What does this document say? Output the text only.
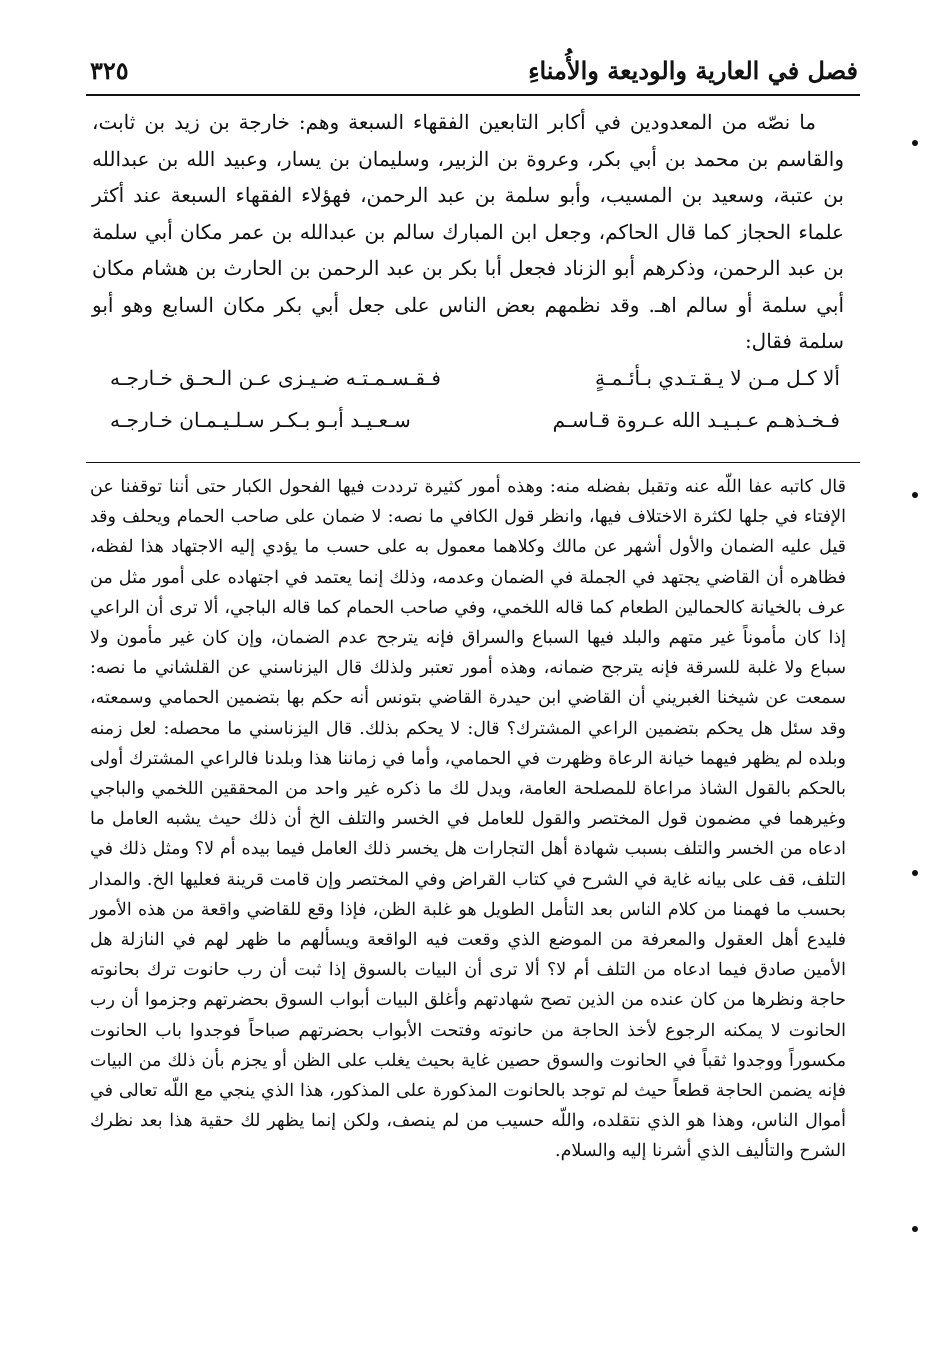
فصل في العارية والوديعة والأُمناءِ
٣٢٥

ما نصّه من المعدودين في أكابر التابعين الفقهاء السبعة وهم: خارجة بن زيد بن ثابت، والقاسم بن محمد بن أبي بكر، وعروة بن الزبير، وسليمان بن يسار، وعبيد الله بن عبدالله بن عتبة، وسعيد بن المسيب، وأبو سلمة بن عبد الرحمن، فهؤلاء الفقهاء السبعة عند أكثر علماء الحجاز كما قال الحاكم، وجعل ابن المبارك سالم بن عبدالله بن عمر مكان أبي سلمة بن عبد الرحمن، وذكرهم أبو الزناد فجعل أبا بكر بن عبد الرحمن بن الحارث بن هشام مكان أبي سلمة أو سالم اهـ. وقد نظمهم بعض الناس على جعل أبي بكر مكان السابع وهو أبو سلمة فقال:

ألا كـل مـن لا يـقـتـدي بـأئـمـةٍ
فـقـسـمـتـه ضـيـزى عـن الـحـق خـارجـه
فـخـذهـم عـبـيـد الله عـروة قـاسـم
سـعـيـد أبـو بـكـر سـلـيـمـان خـارجـه

قال كاتبه عفا اللّه عنه وتقبل بفضله منه: وهذه أمور كثيرة ترددت فيها الفحول الكبار حتى أننا توقفنا عن الإفتاء في جلها لكثرة الاختلاف فيها، وانظر قول الكافي ما نصه: لا ضمان على صاحب الحمام ويحلف وقد قيل عليه الضمان والأول أشهر عن مالك وكلاهما معمول به على حسب ما يؤدي إليه الاجتهاد هذا لفظه، فظاهره أن القاضي يجتهد في الجملة في الضمان وعدمه، وذلك إنما يعتمد في اجتهاده على أمور مثل من عرف بالخيانة كالحمالين الطعام كما قاله اللخمي، وفي صاحب الحمام كما قاله الباجي، ألا ترى أن الراعي إذا كان مأموناً غير متهم والبلد فيها السباع والسراق فإنه يترجح عدم الضمان، وإن كان غير مأمون ولا سباع ولا غلبة للسرقة فإنه يترجح ضمانه، وهذه أمور تعتبر ولذلك قال اليزناسني عن القلشاني ما نصه: سمعت عن شيخنا الغبريني أن القاضي ابن حيدرة القاضي بتونس أنه حكم بها بتضمين الحمامي وسمعته، وقد سئل هل يحكم بتضمين الراعي المشترك؟ قال: لا يحكم بذلك. قال اليزناسني ما محصله: لعل زمنه وبلده لم يظهر فيهما خيانة الرعاة وظهرت في الحمامي، وأما في زماننا هذا وبلدنا فالراعي المشترك أولى بالحكم بالقول الشاذ مراعاة للمصلحة العامة، ويدل لك ما ذكره غير واحد من المحققين اللخمي والباجي وغيرهما في مضمون قول المختصر والقول للعامل في الخسر والتلف الخ أن ذلك حيث يشبه العامل ما ادعاه من الخسر والتلف بسبب شهادة أهل التجارات هل يخسر ذلك العامل فيما بيده أم لا؟ ومثل ذلك في التلف، قف على بيانه غاية في الشرح في كتاب القراض وفي المختصر وإن قامت قرينة فعليها الخ. والمدار بحسب ما فهمنا من كلام الناس بعد التأمل الطويل هو غلبة الظن، فإذا وقع للقاضي واقعة من هذه الأمور فليدع أهل العقول والمعرفة من الموضع الذي وقعت فيه الواقعة ويسألهم ما ظهر لهم في النازلة هل الأمين صادق فيما ادعاه من التلف أم لا؟ ألا ترى أن البيات بالسوق إذا ثبت أن رب حانوت ترك بحانوته حاجة ونظرها من كان عنده من الذين تصح شهادتهم وأغلق البيات أبواب السوق بحضرتهم وجزموا أن رب الحانوت لا يمكنه الرجوع لأخذ الحاجة من حانوته وفتحت الأبواب بحضرتهم صباحاً فوجدوا باب الحانوت مكسوراً ووجدوا ثقباً في الحانوت والسوق حصين غاية بحيث يغلب على الظن أو يجزم بأن ذلك من البيات فإنه يضمن الحاجة قطعاً حيث لم توجد بالحانوت المذكورة على المذكور، هذا الذي ينجي مع اللّه تعالى في أموال الناس، وهذا هو الذي نتقلده، واللّه حسيب من لم ينصف، ولكن إنما يظهر لك حقية هذا بعد نظرك الشرح والتأليف الذي أشرنا إليه والسلام.
